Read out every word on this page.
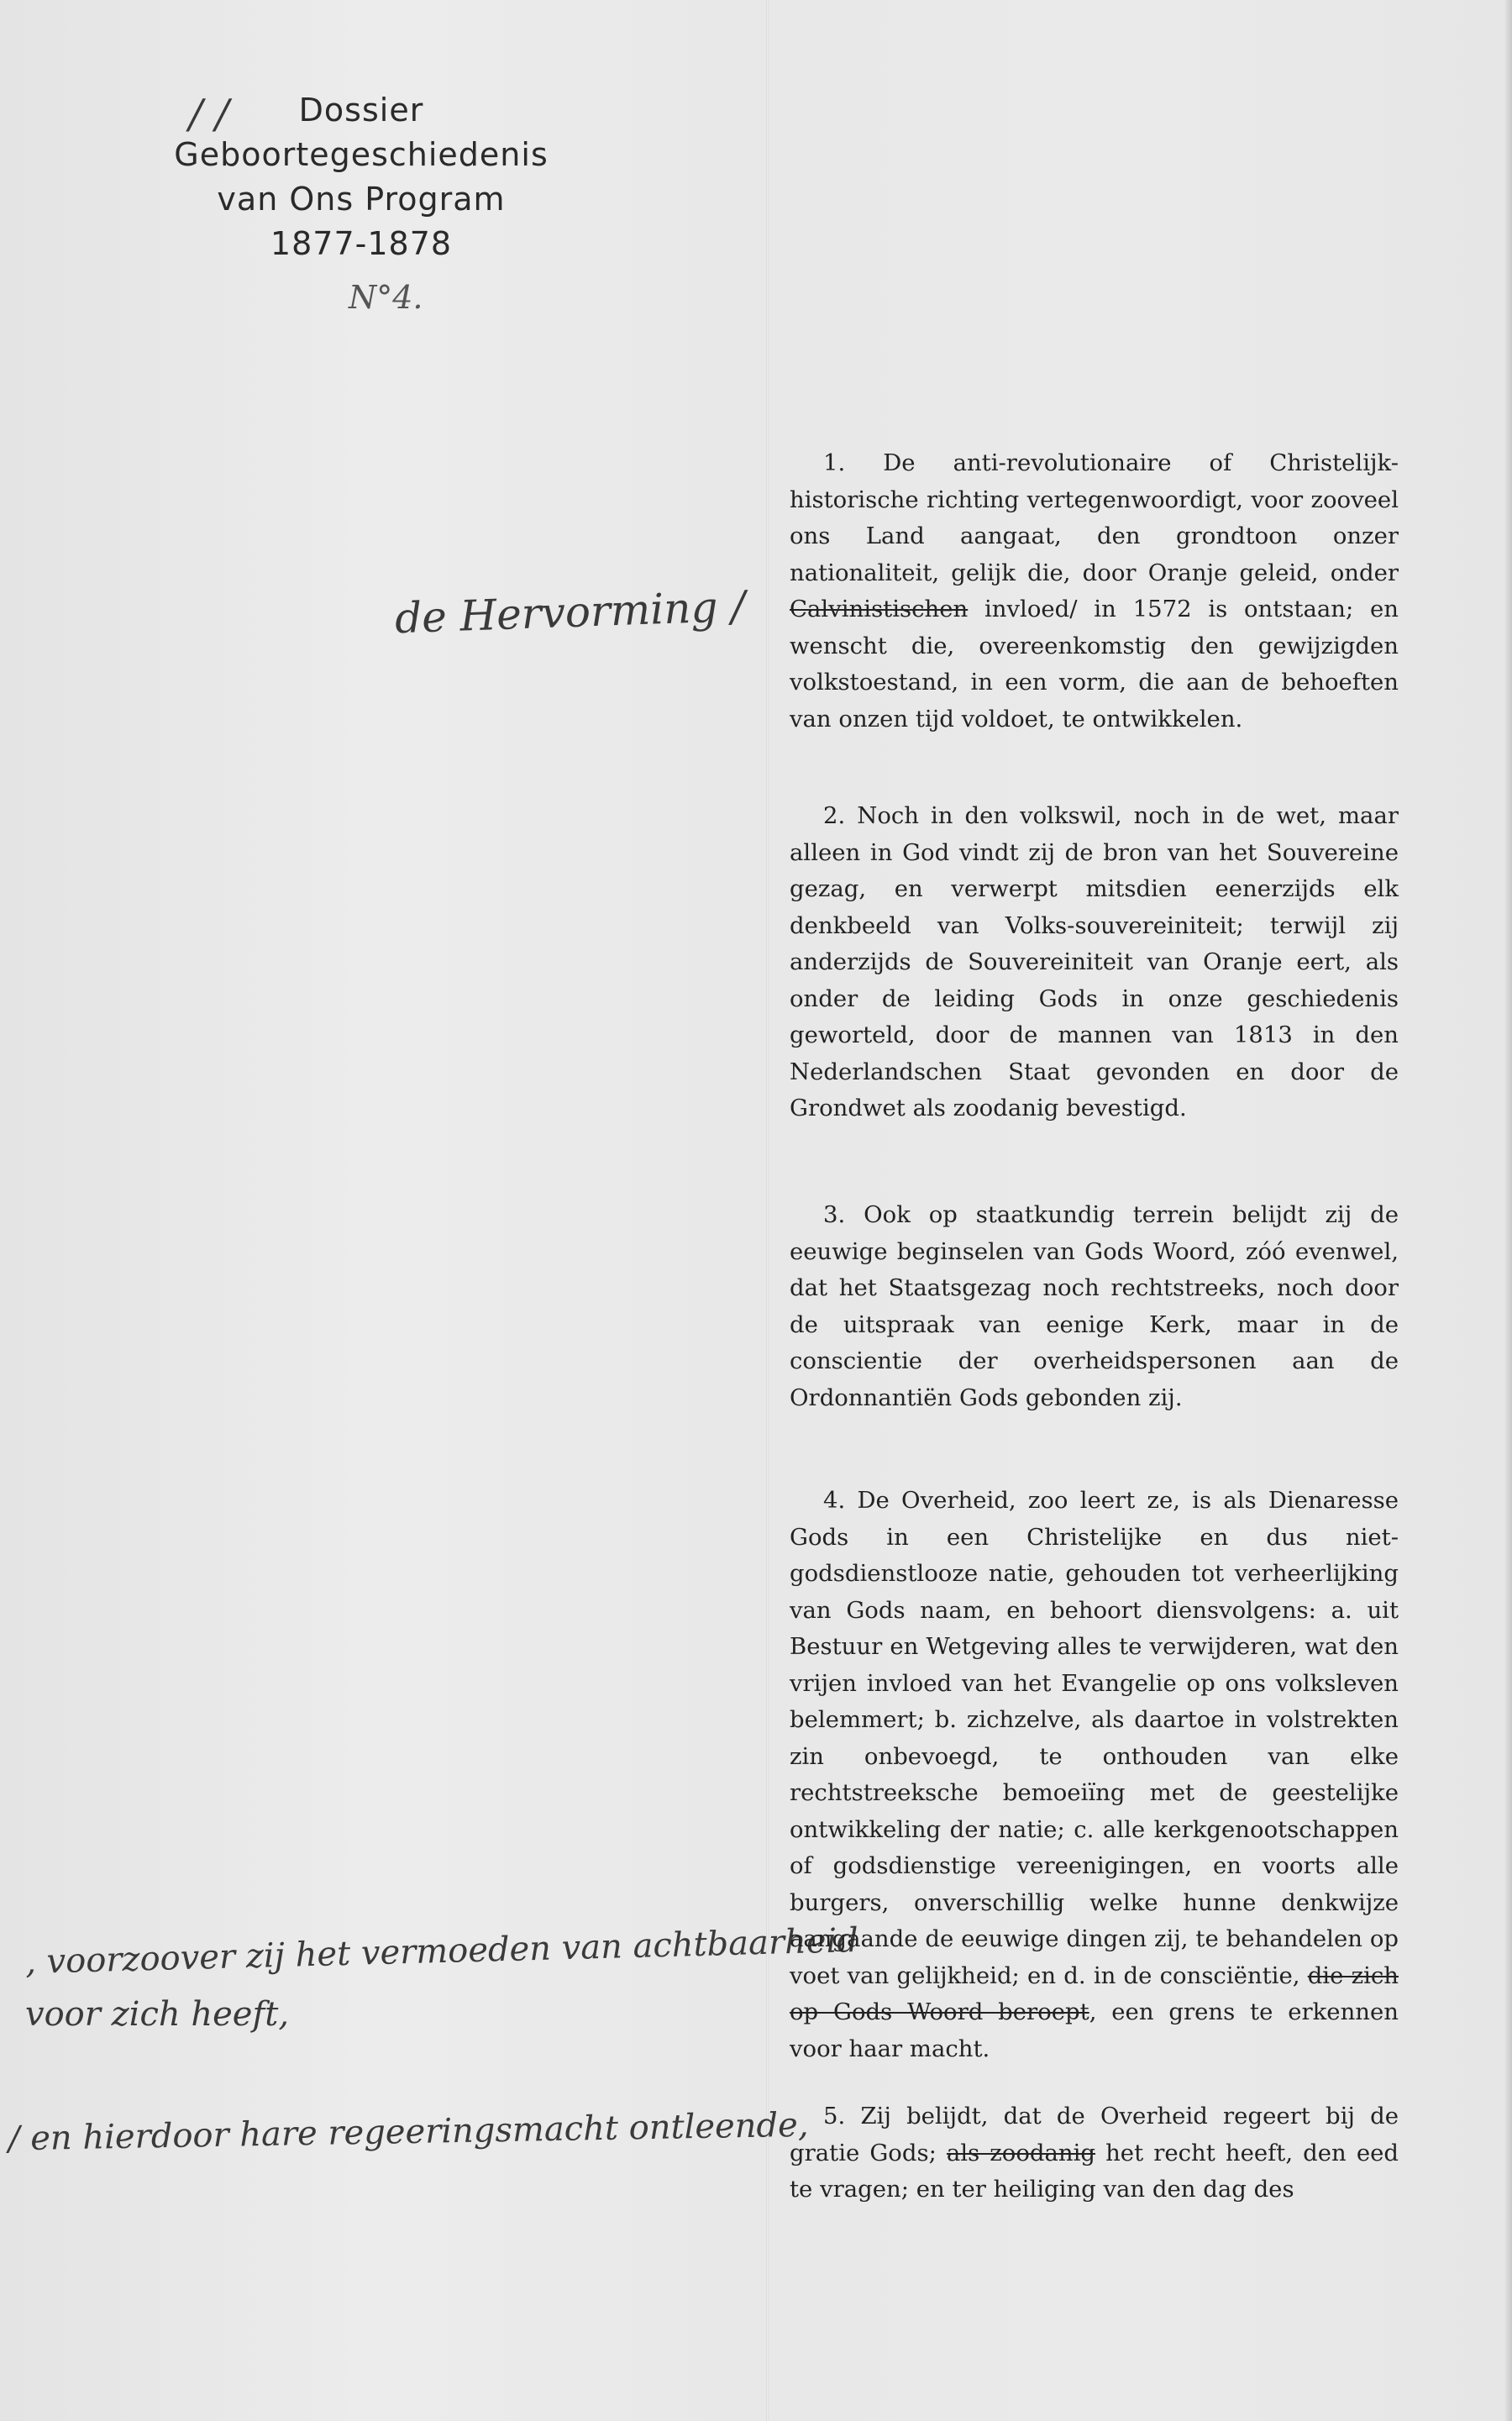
Dossier
Geboortegeschiedenis
van Ons Program
1877-1878
/ /
N°4.
de Hervorming /
, voorzoover zij het vermoeden van achtbaarheid
voor zich heeft,
/ en hierdoor hare regeeringsmacht ontleende,

1. De anti-revolutionaire of Christelijk-historische richting vertegenwoordigt, voor zooveel ons Land aangaat, den grondtoon onzer nationaliteit, gelijk die, door Oranje geleid, onder Calvinistischen invloed/ in 1572 is ontstaan; en wenscht die, overeenkomstig den gewijzigden volkstoestand, in een vorm, die aan de behoeften van onzen tijd voldoet, te ontwikkelen.

2. Noch in den volkswil, noch in de wet, maar alleen in God vindt zij de bron van het Souvereine gezag, en verwerpt mitsdien eenerzijds elk denkbeeld van Volks-souvereiniteit; terwijl zij anderzijds de Souvereiniteit van Oranje eert, als onder de leiding Gods in onze geschiedenis geworteld, door de mannen van 1813 in den Nederlandschen Staat gevonden en door de Grondwet als zoodanig bevestigd.

3. Ook op staatkundig terrein belijdt zij de eeuwige beginselen van Gods Woord, zóó evenwel, dat het Staatsgezag noch rechtstreeks, noch door de uitspraak van eenige Kerk, maar in de conscientie der overheidspersonen aan de Ordonnantiën Gods gebonden zij.

4. De Overheid, zoo leert ze, is als Dienaresse Gods in een Christelijke en dus niet-godsdienstlooze natie, gehouden tot verheerlijking van Gods naam, en behoort diensvolgens: a. uit Bestuur en Wetgeving alles te verwijderen, wat den vrijen invloed van het Evangelie op ons volksleven belemmert; b. zichzelve, als daartoe in volstrekten zin onbevoegd, te onthouden van elke rechtstreeksche bemoeiïng met de geestelijke ontwikkeling der natie; c. alle kerkgenootschappen of godsdienstige vereenigingen, en voorts alle burgers, onverschillig welke hunne denkwijze aangaande de eeuwige dingen zij, te behandelen op voet van gelijkheid; en d. in de consciëntie, die zich op Gods Woord beroept, een grens te erkennen voor haar macht.

5. Zij belijdt, dat de Overheid regeert bij de gratie Gods; als zoodanig het recht heeft, den eed te vragen; en ter heiliging van den dag des
